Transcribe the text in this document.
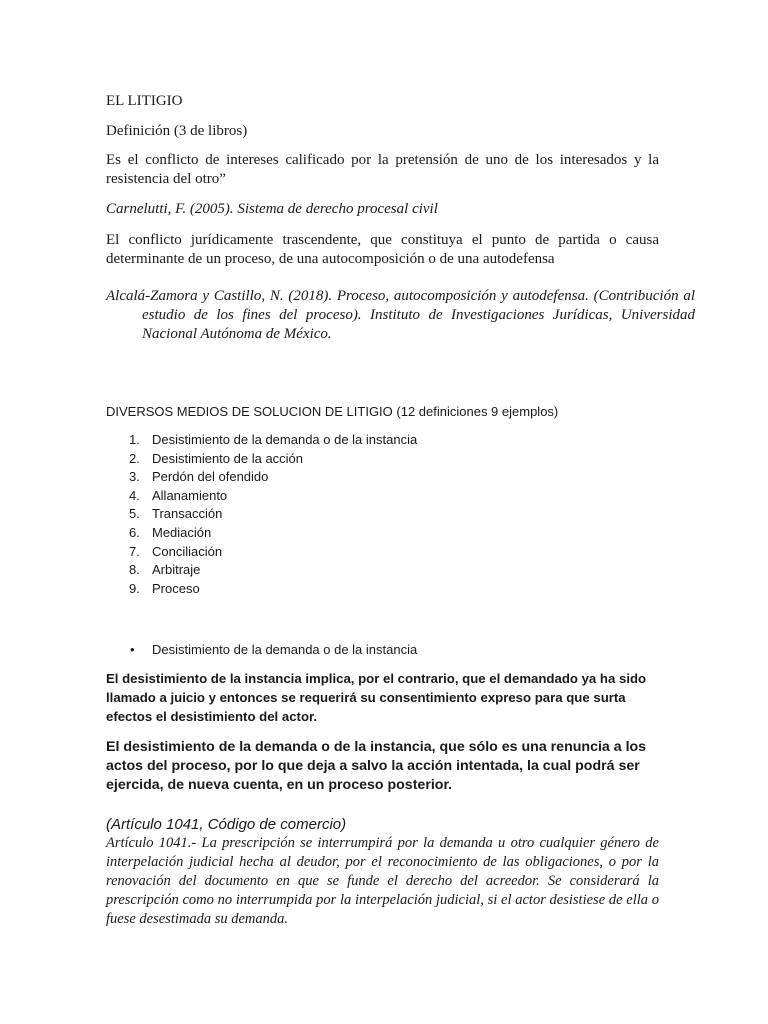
EL LITIGIO

Definición (3 de libros)

Es el conflicto de intereses calificado por la pretensión de uno de los interesados y la resistencia del otro”

Carnelutti, F. (2005). Sistema de derecho procesal civil

El conflicto jurídicamente trascendente, que constituya el punto de partida o causa determinante de un proceso, de una autocomposición o de una autodefensa

Alcalá-Zamora y Castillo, N. (2018). Proceso, autocomposición y autodefensa. (Contribución al estudio de los fines del proceso). Instituto de Investigaciones Jurídicas, Universidad Nacional Autónoma de México.

DIVERSOS MEDIOS DE SOLUCION DE LITIGIO (12 definiciones 9 ejemplos)

1. Desistimiento de la demanda o de la instancia
2. Desistimiento de la acción
3. Perdón del ofendido
4. Allanamiento
5. Transacción
6. Mediación
7. Conciliación
8. Arbitraje
9. Proceso
• Desistimiento de la demanda o de la instancia

El desistimiento de la instancia implica, por el contrario, que el demandado ya ha sido llamado a juicio y entonces se requerirá su consentimiento expreso para que surta efectos el desistimiento del actor.

El desistimiento de la demanda o de la instancia, que sólo es una renuncia a los actos del proceso, por lo que deja a salvo la acción intentada, la cual podrá ser ejercida, de nueva cuenta, en un proceso posterior.

(Artículo 1041, Código de comercio)

Artículo 1041.- La prescripción se interrumpirá por la demanda u otro cualquier género de interpelación judicial hecha al deudor, por el reconocimiento de las obligaciones, o por la renovación del documento en que se funde el derecho del acreedor. Se considerará la prescripción como no interrumpida por la interpelación judicial, si el actor desistiese de ella o fuese desestimada su demanda.
